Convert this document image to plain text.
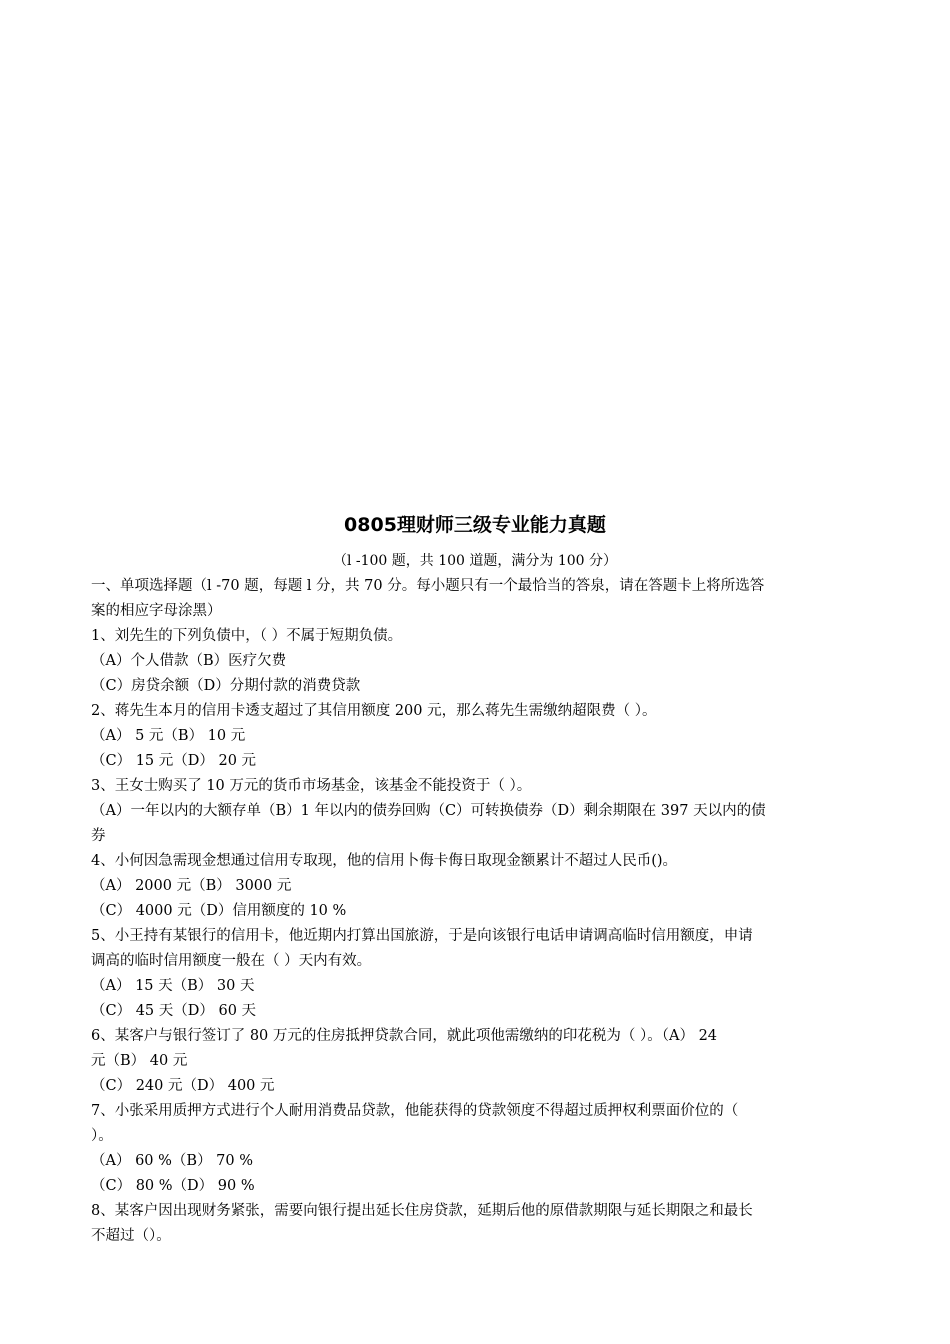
0805理财师三级专业能力真题
（l -100 题，共 100 道题，满分为 100 分）
一、单项选择题（l -70 题，每题 l 分，共 70 分。每小题只有一个最恰当的答泉，请在答题卡上将所选答
案的相应字母涂黑）
1、刘先生的下列负债中，（ ）不属于短期负债。
（A）个人借款（B）医疗欠费
（C）房贷余额（D）分期付款的消费贷款
2、蒋先生本月的信用卡透支超过了其信用额度 200 元，那么蒋先生需缴纳超限费（ ）。
（A） 5 元（B） 10 元
（C） 15 元（D） 20 元
3、王女士购买了 10 万元的货币市场基金，该基金不能投资于（ ）。
（A）一年以内的大额存单（B）1 年以内的债券回购（C）可转换债券（D）剩余期限在 397 天以内的债
券
4、小何因急需现金想通过信用专取现，他的信用卜侮卡侮日取现金额累计不超过人民币()。
（A） 2000 元（B） 3000 元
（C） 4000 元（D）信用额度的 10 %
5、小王持有某银行的信用卡，他近期内打算出国旅游，于是向该银行电话申请调高临时信用额度，申请
调高的临时信用额度一般在（ ）天内有效。
（A） 15 天（B） 30 天
（C） 45 天（D） 60 天
6、某客户与银行签订了 80 万元的住房抵押贷款合同，就此项他需缴纳的印花税为（ ）。（A） 24
元（B） 40 元
（C） 240 元（D） 400 元
7、小张采用质押方式进行个人耐用消费品贷款，他能获得的贷款领度不得超过质押权利票面价位的（
）。
（A） 60 %（B） 70 %
（C） 80 %（D） 90 %
8、某客户因出现财务紧张，需要向银行提出延长住房贷款，延期后他的原借款期限与延长期限之和最长
不超过（）。
